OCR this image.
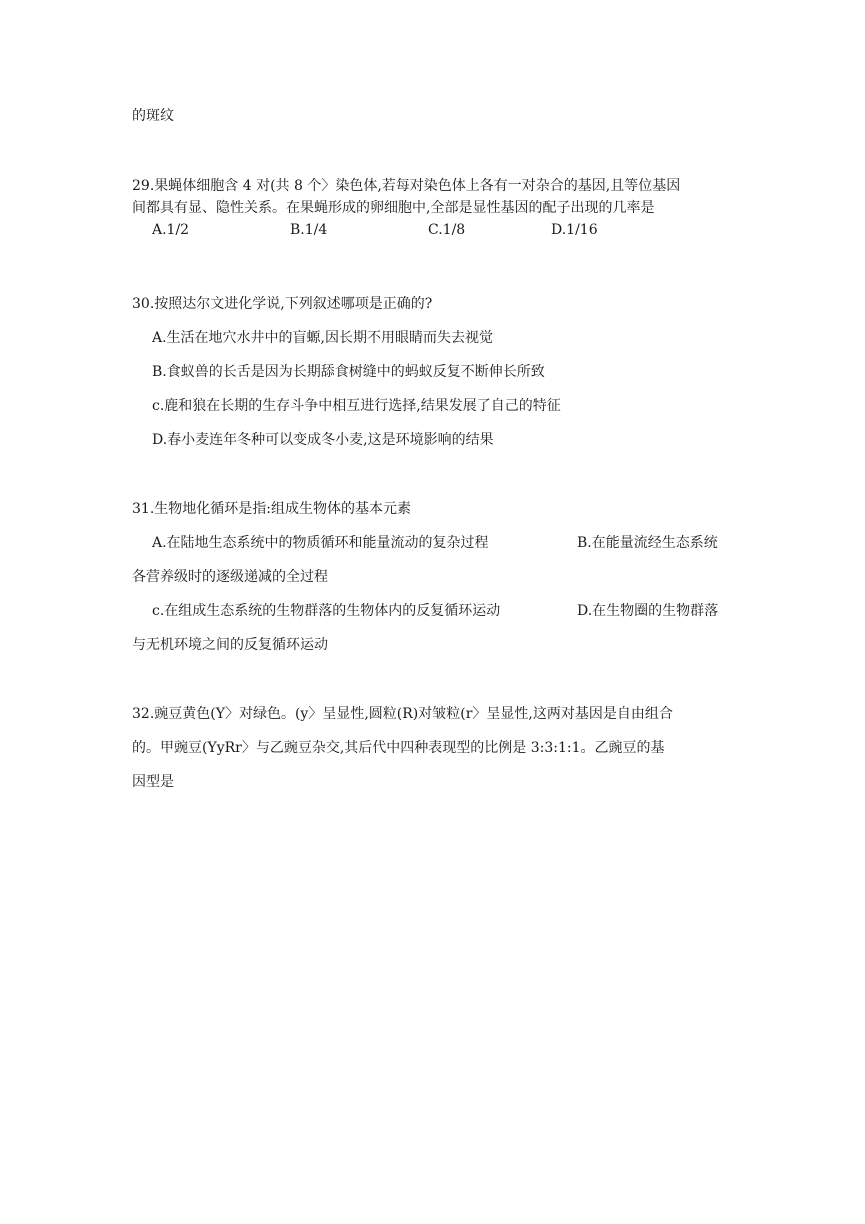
的斑纹
29.果蝇体细胞含 4 对(共 8 个〉染色体,若每对染色体上各有一对杂合的基因,且等位基因
间都具有显、隐性关系。在果蝇形成的卵细胞中,全部是显性基因的配子出现的几率是
A.1/2	B.1/4	C.1/8	D.1/16
30.按照达尔文进化学说,下列叙述哪项是正确的?
A.生活在地穴水井中的盲螈,因长期不用眼睛而失去视觉
B.食蚁兽的长舌是因为长期舔食树缝中的蚂蚁反复不断伸长所致
c.鹿和狼在长期的生存斗争中相互进行选择,结果发展了自己的特征
D.春小麦连年冬种可以变成冬小麦,这是环境影响的结果
31.生物地化循环是指:组成生物体的基本元素
A.在陆地生态系统中的物质循环和能量流动的复杂过程	B.在能量流经生态系统
各营养级时的逐级递减的全过程
c.在组成生态系统的生物群落的生物体内的反复循环运动	D.在生物圈的生物群落
与无机环境之间的反复循环运动
32.豌豆黄色(Y〉对绿色。(y〉呈显性,圆粒(R)对皱粒(r〉呈显性,这两对基因是自由组合
的。甲豌豆(YyRr〉与乙豌豆杂交,其后代中四种表现型的比例是 3:3:1:1。乙豌豆的基
因型是
